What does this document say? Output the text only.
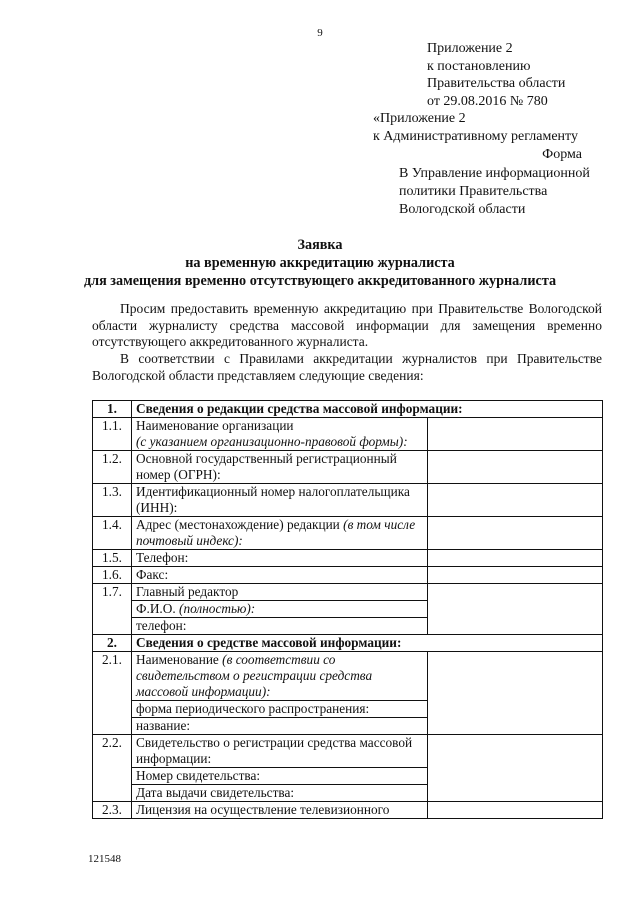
9
Приложение 2
к постановлению
Правительства области
от 29.08.2016 № 780
«Приложение 2
к Административному регламенту
Форма
В Управление информационной политики Правительства Вологодской области
Заявка
на временную аккредитацию журналиста
для замещения временно отсутствующего аккредитованного журналиста
Просим предоставить временную аккредитацию при Правительстве Вологодской области журналисту средства массовой информации для замещения временно отсутствующего аккредитованного журналиста.
В соответствии с Правилами аккредитации журналистов при Правительстве Вологодской области представляем следующие сведения:
1.	Сведения о редакции средства массовой информации:	
1.1.	Наименование организации
(с указанием организационно-правовой формы):	
1.2.	Основной государственный регистрационный номер (ОГРН):	
1.3.	Идентификационный номер налогоплательщика (ИНН):	
1.4.	Адрес (местонахождение) редакции (в том числе почтовый индекс):	
1.5.	Телефон:	
1.6.	Факс:	
1.7.	Главный редактор	
	Ф.И.О. (полностью):	
	телефон:	
2.	Сведения о средстве массовой информации:	
2.1.	Наименование (в соответствии со свидетельством о регистрации средства массовой информации):	
	форма периодического распространения:	
	название:	
2.2.	Свидетельство о регистрации средства массовой информации:	
	Номер свидетельства:	
	Дата выдачи свидетельства:	
2.3.	Лицензия на осуществление телевизионного	
121548
